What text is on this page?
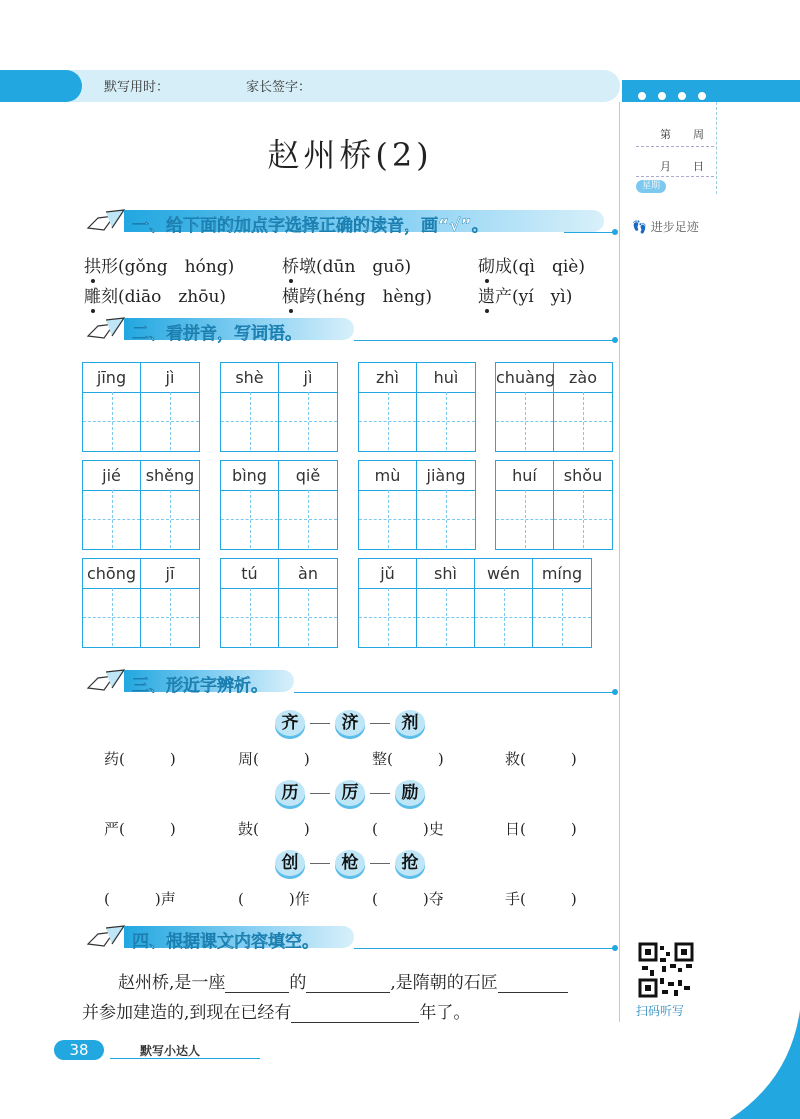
默写用时：	家长签字：
第　　周
月　　日
星期
👣 进步足迹
赵州桥(2)
一、给下面的加点字选择正确的读音，画“√”。
拱形(gǒng　hóng)	桥墩(dūn　guō)	砌成(qì　qiè)
雕刻(diāo　zhōu)	横跨(héng　hèng)	遗产(yí　yì)
二、看拼音，写词语。
jīng	jì	shè	jì	zhì	huì	chuàng zào
jié	shěng	bìng	qiě	mù	jiàng	huí	shǒu
chōng	jī	tú	àn	jǔ	shì	wén	míng
三、形近字辨析。
齐	济	剂
药(　　　)	周(　　　)	整(　　　)	救(　　　)
历	厉	励
严(　　　)	鼓(　　　)	(　　　)史	日(　　　)
创	枪	抢
(　　　)声	(　　　)作	(　　　)夺	手(　　　)
四、根据课文内容填空。
赵州桥,是一座	的	,是隋朝的石匠
并参加建造的,到现在已经有	年了。	扫码听写
38	默写小达人
